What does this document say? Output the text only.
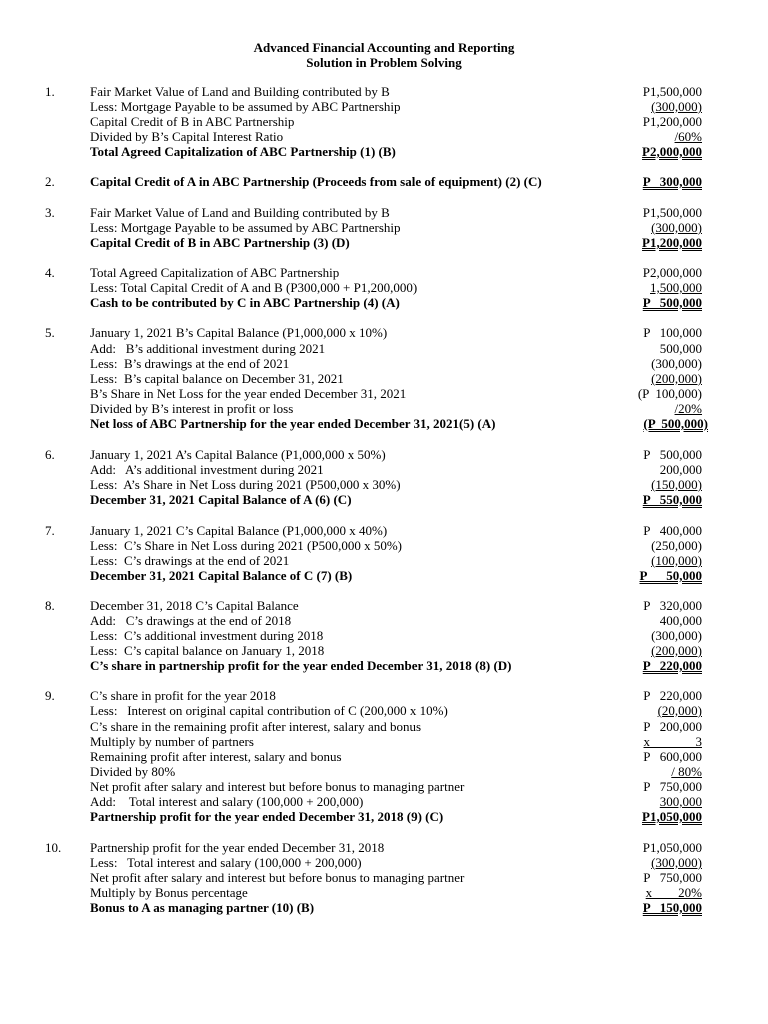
Advanced Financial Accounting and Reporting
Solution in Problem Solving
1.	Fair Market Value of Land and Building contributed by B	P1,500,000
Less: Mortgage Payable to be assumed by ABC Partnership	(300,000)
Capital Credit of B in ABC Partnership	P1,200,000
Divided by B’s Capital Interest Ratio	/60%
Total Agreed Capitalization of ABC Partnership (1) (B)	P2,000,000
2.	Capital Credit of A in ABC Partnership (Proceeds from sale of equipment) (2) (C)	P   300,000
3.	Fair Market Value of Land and Building contributed by B	P1,500,000
Less: Mortgage Payable to be assumed by ABC Partnership	(300,000)
Capital Credit of B in ABC Partnership (3) (D)	P1,200,000
4.	Total Agreed Capitalization of ABC Partnership	P2,000,000
Less: Total Capital Credit of A and B (P300,000 + P1,200,000)	1,500,000
Cash to be contributed by C in ABC Partnership (4) (A)	P   500,000
5.	January 1, 2021 B’s Capital Balance (P1,000,000 x 10%)	P   100,000
Add:   B’s additional investment during 2021	500,000
Less:  B’s drawings at the end of 2021	(300,000)
Less:  B’s capital balance on December 31, 2021	(200,000)
B’s Share in Net Loss for the year ended December 31, 2021	(P  100,000)
Divided by B’s interest in profit or loss	/20%
Net loss of ABC Partnership for the year ended December 31, 2021(5) (A)	(P  500,000)
6.	January 1, 2021 A’s Capital Balance (P1,000,000 x 50%)	P   500,000
Add:   A’s additional investment during 2021	200,000
Less:  A’s Share in Net Loss during 2021 (P500,000 x 30%)	(150,000)
December 31, 2021 Capital Balance of A (6) (C)	P   550,000
7.	January 1, 2021 C’s Capital Balance (P1,000,000 x 40%)	P   400,000
Less:  C’s Share in Net Loss during 2021 (P500,000 x 50%)	(250,000)
Less:  C’s drawings at the end of 2021	(100,000)
December 31, 2021 Capital Balance of C (7) (B)	P      50,000
8.	December 31, 2018 C’s Capital Balance	P   320,000
Add:   C’s drawings at the end of 2018	400,000
Less:  C’s additional investment during 2018	(300,000)
Less:  C’s capital balance on January 1, 2018	(200,000)
C’s share in partnership profit for the year ended December 31, 2018 (8) (D)	P   220,000
9.	C’s share in profit for the year 2018	P   220,000
Less:   Interest on original capital contribution of C (200,000 x 10%)	(20,000)
C’s share in the remaining profit after interest, salary and bonus	P   200,000
Multiply by number of partners	x              3
Remaining profit after interest, salary and bonus	P   600,000
Divided by 80%	/ 80%
Net profit after salary and interest but before bonus to managing partner	P   750,000
Add:    Total interest and salary (100,000 + 200,000)	300,000
Partnership profit for the year ended December 31, 2018 (9) (C)	P1,050,000
10. Partnership profit for the year ended December 31, 2018	P1,050,000
Less:   Total interest and salary (100,000 + 200,000)	(300,000)
Net profit after salary and interest but before bonus to managing partner	P   750,000
Multiply by Bonus percentage	x        20%
Bonus to A as managing partner (10) (B)	P   150,000
